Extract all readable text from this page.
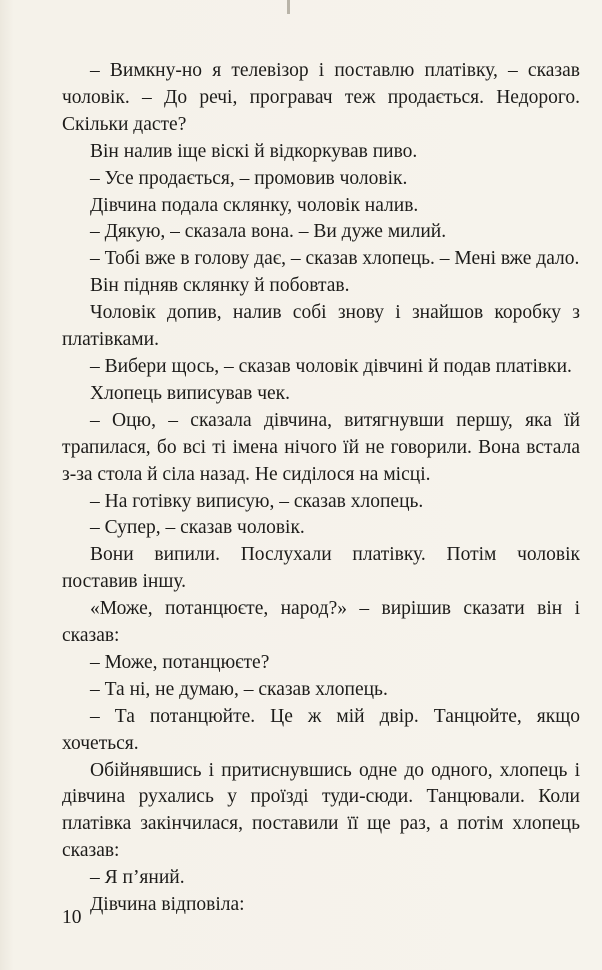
– Вимкну-но я телевізор і поставлю платівку, – сказав чоловік. – До речі, програвач теж продається. Недорого. Скільки дасте?

Він налив іще віскі й відкоркував пиво.

– Усе продається, – промовив чоловік.

Дівчина подала склянку, чоловік налив.

– Дякую, – сказала вона. – Ви дуже милий.

– Тобі вже в голову дає, – сказав хлопець. – Мені вже дало.

Він підняв склянку й побовтав.

Чоловік допив, налив собі знову і знайшов коробку з платівками.

– Вибери щось, – сказав чоловік дівчині й подав платівки.

Хлопець виписував чек.

– Оцю, – сказала дівчина, витягнувши першу, яка їй трапилася, бо всі ті імена нічого їй не говорили. Вона встала з-за стола й сіла назад. Не сиділося на місці.

– На готівку виписую, – сказав хлопець.

– Супер, – сказав чоловік.

Вони випили. Послухали платівку. Потім чоловік поставив іншу.

«Може, потанцюєте, народ?» – вирішив сказати він і сказав:

– Може, потанцюєте?

– Та ні, не думаю, – сказав хлопець.

– Та потанцюйте. Це ж мій двір. Танцюйте, якщо хочеться.

Обійнявшись і притиснувшись одне до одного, хлопець і дівчина рухались у проїзді туди-сюди. Танцювали. Коли платівка закінчилася, поставили її ще раз, а потім хлопець сказав:

– Я п’яний.

Дівчина відповіла:

10
